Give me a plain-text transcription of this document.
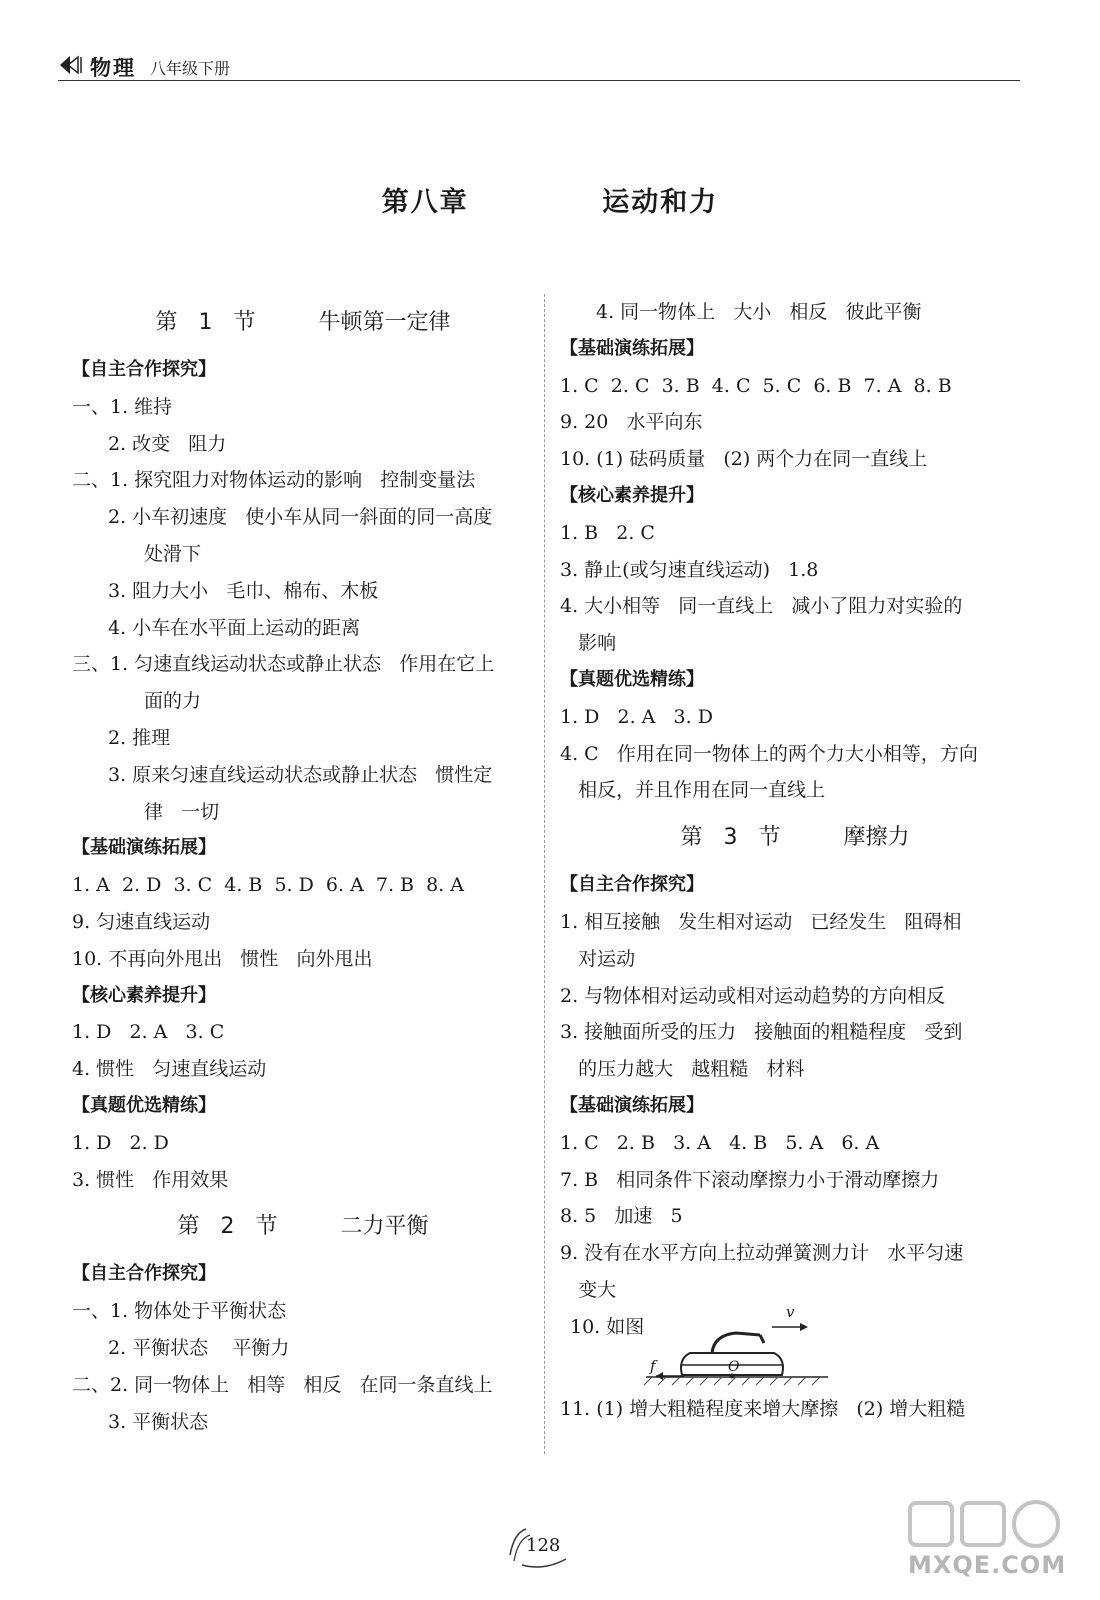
物理 八年级下册
第八章    运动和力
第 1 节   牛顿第一定律
【自主合作探究】
一、1. 维持
2. 改变   阻力
二、1. 探究阻力对物体运动的影响   控制变量法
2. 小车初速度   使小车从同一斜面的同一高度
处滑下
3. 阻力大小   毛巾、棉布、木板
4. 小车在水平面上运动的距离
三、1. 匀速直线运动状态或静止状态   作用在它上
面的力
2. 推理
3. 原来匀速直线运动状态或静止状态   惯性定
律   一切
【基础演练拓展】
1. A  2. D  3. C  4. B  5. D  6. A  7. B  8. A
9. 匀速直线运动
10. 不再向外甩出   惯性   向外甩出
【核心素养提升】
1. D   2. A   3. C
4. 惯性   匀速直线运动
【真题优选精练】
1. D   2. D
3. 惯性   作用效果
第 2 节   二力平衡
【自主合作探究】
一、1. 物体处于平衡状态
2. 平衡状态    平衡力
二、2. 同一物体上   相等   相反   在同一条直线上
3. 平衡状态
4. 同一物体上   大小   相反   彼此平衡
【基础演练拓展】
1. C  2. C  3. B  4. C  5. C  6. B  7. A  8. B
9. 20   水平向东
10. (1) 砝码质量   (2) 两个力在同一直线上
【核心素养提升】
1. B   2. C
3. 静止(或匀速直线运动)   1.8
4. 大小相等   同一直线上   减小了阻力对实验的
影响
【真题优选精练】
1. D   2. A   3. D
4. C   作用在同一物体上的两个力大小相等，方向
相反，并且作用在同一直线上
第 3 节   摩擦力
【自主合作探究】
1. 相互接触   发生相对运动   已经发生   阻碍相
对运动
2. 与物体相对运动或相对运动趋势的方向相反
3. 接触面所受的压力   接触面的粗糙程度   受到
的压力越大   越粗糙   材料
【基础演练拓展】
1. C   2. B   3. A   4. B   5. A   6. A
7. B   相同条件下滚动摩擦力小于滑动摩擦力
8. 5   加速   5
9. 没有在水平方向上拉动弹簧测力计   水平匀速
变大
10. 如图
v
f	O
11. (1) 增大粗糙程度来增大摩擦   (2) 增大粗糙
128
MXQE.COM
